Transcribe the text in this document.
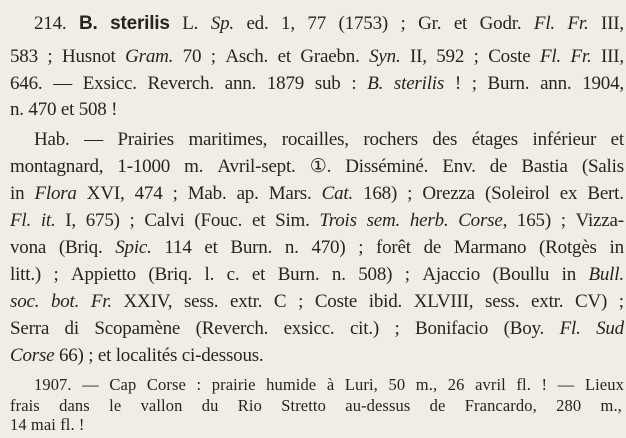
214. B. sterilis L. Sp. ed. 1, 77 (1753) ; Gr. et Godr. Fl. Fr. III,
583 ; Husnot Gram. 70 ; Asch. et Graebn. Syn. II, 592 ; Coste Fl. Fr. III,
646. — Exsicc. Reverch. ann. 1879 sub : B. sterilis ! ; Burn. ann. 1904,
n. 470 et 508 !
Hab. — Prairies maritimes, rocailles, rochers des étages inférieur et
montagnard, 1-1000 m. Avril-sept. ①. Disséminé. Env. de Bastia (Salis
in Flora XVI, 474 ; Mab. ap. Mars. Cat. 168) ; Orezza (Soleirol ex Bert.
Fl. it. I, 675) ; Calvi (Fouc. et Sim. Trois sem. herb. Corse, 165) ; Vizza-
vona (Briq. Spic. 114 et Burn. n. 470) ; forêt de Marmano (Rotgès in
litt.) ; Appietto (Briq. l. c. et Burn. n. 508) ; Ajaccio (Boullu in Bull.
soc. bot. Fr. XXIV, sess. extr. C ; Coste ibid. XLVIII, sess. extr. CV) ;
Serra di Scopamène (Reverch. exsicc. cit.) ; Bonifacio (Boy. Fl. Sud
Corse 66) ; et localités ci-dessous.
1907. — Cap Corse : prairie humide à Luri, 50 m., 26 avril fl. ! — Lieux
frais dans le vallon du Rio Stretto au-dessus de Francardo, 280 m.,
14 mai fl. !
